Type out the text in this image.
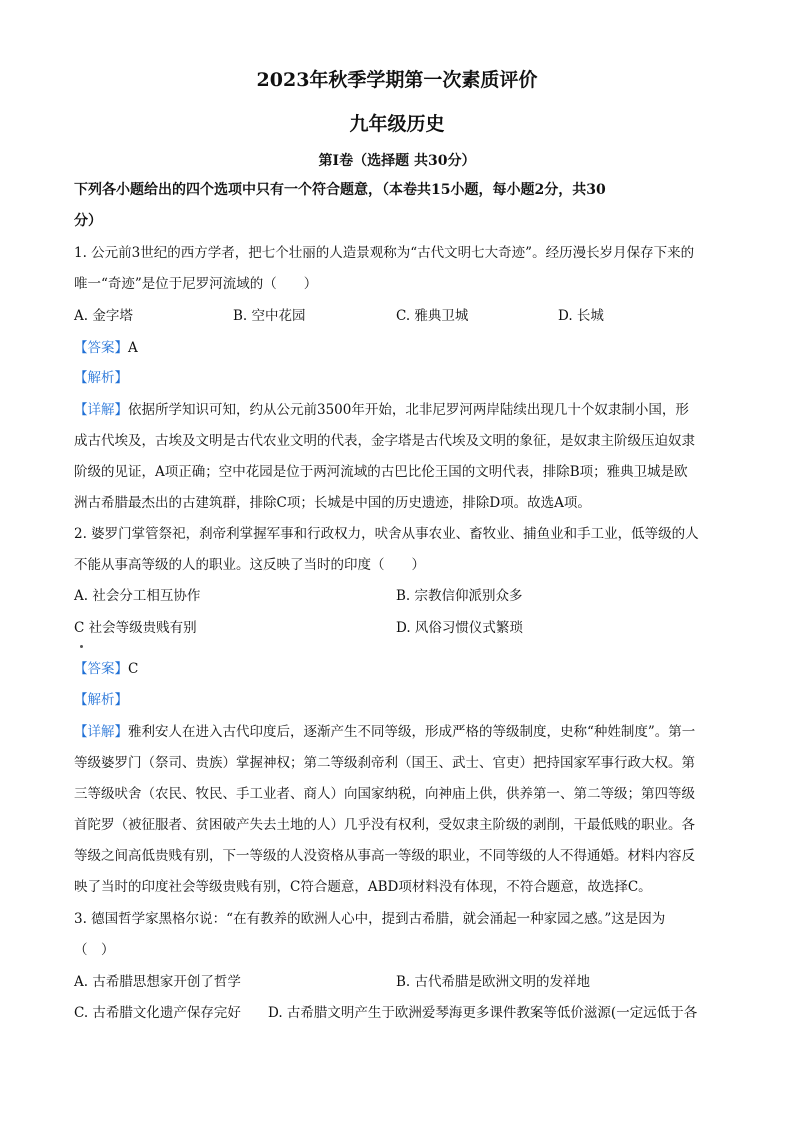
2023年秋季学期第一次素质评价
九年级历史
第Ⅰ卷（选择题 共30分）
下列各小题给出的四个选项中只有一个符合题意，（本卷共15小题，每小题2分，共30
分）
1. 公元前3世纪的西方学者，把七个壮丽的人造景观称为“古代文明七大奇迹”。经历漫长岁月保存下来的
唯一“奇迹”是位于尼罗河流域的（　　）
A. 金字塔	B. 空中花园	C. 雅典卫城	D. 长城
【答案】A
【解析】
【详解】依据所学知识可知，约从公元前3500年开始，北非尼罗河两岸陆续出现几十个奴隶制小国，形
成古代埃及，古埃及文明是古代农业文明的代表，金字塔是古代埃及文明的象征，是奴隶主阶级压迫奴隶
阶级的见证，A项正确；空中花园是位于两河流域的古巴比伦王国的文明代表，排除B项；雅典卫城是欧
洲古希腊最杰出的古建筑群，排除C项；长城是中国的历史遗迹，排除D项。故选A项。
2. 婆罗门掌管祭祀，刹帝利掌握军事和行政权力，吠舍从事农业、畜牧业、捕鱼业和手工业，低等级的人
不能从事高等级的人的职业。这反映了当时的印度（　　）
A. 社会分工相互协作	B. 宗教信仰派别众多
C 社会等级贵贱有别	D. 风俗习惯仪式繁琐
【答案】C
【解析】
【详解】雅利安人在进入古代印度后，逐渐产生不同等级，形成严格的等级制度，史称“种姓制度”。第一
等级婆罗门（祭司、贵族）掌握神权；第二等级刹帝利（国王、武士、官吏）把持国家军事行政大权。第
三等级吠舍（农民、牧民、手工业者、商人）向国家纳税，向神庙上供，供养第一、第二等级；第四等级
首陀罗（被征服者、贫困破产失去土地的人）几乎没有权利，受奴隶主阶级的剥削，干最低贱的职业。各
等级之间高低贵贱有别，下一等级的人没资格从事高一等级的职业，不同等级的人不得通婚。材料内容反
映了当时的印度社会等级贵贱有别，C符合题意，ABD项材料没有体现，不符合题意，故选择C。
3. 德国哲学家黑格尔说：“在有教养的欧洲人心中，提到古希腊，就会涌起一种家园之感。”这是因为
（　）
A. 古希腊思想家开创了哲学	B. 古代希腊是欧洲文明的发祥地
C. 古希腊文化遗产保存完好 D. 古希腊文明产生于欧洲爱琴海更多课件教案等低价滋源(一定远低于各
